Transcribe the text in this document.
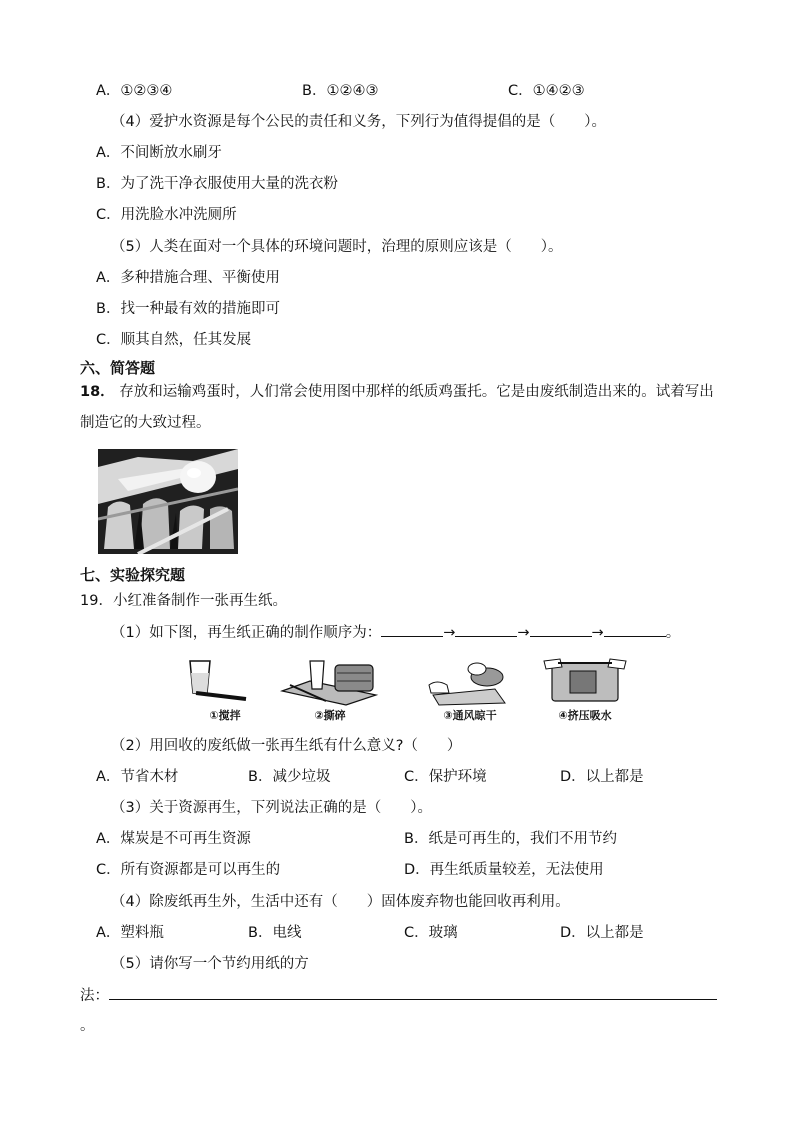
A．①②③④	B．①②④③	C．①④②③
（4）爱护水资源是每个公民的责任和义务，下列行为值得提倡的是（　　）。
A．不间断放水刷牙
B．为了洗干净衣服使用大量的洗衣粉
C．用洗脸水冲洗厕所
（5）人类在面对一个具体的环境问题时，治理的原则应该是（　　）。
A．多种措施合理、平衡使用
B．找一种最有效的措施即可
C．顺其自然，任其发展
六、简答题
18． 存放和运输鸡蛋时，人们常会使用图中那样的纸质鸡蛋托。它是由废纸制造出来的。试着写出
制造它的大致过程。
七、实验探究题
19．小红准备制作一张再生纸。
（1）如下图，再生纸正确的制作顺序为：	→	→	→	。
①搅拌	②撕碎	③通风晾干	④挤压吸水
（2）用回收的废纸做一张再生纸有什么意义?（　　）
A．节省木材	B．减少垃圾	C．保护环境	D．以上都是
（3）关于资源再生，下列说法正确的是（　　）。
A．煤炭是不可再生资源	B．纸是可再生的，我们不用节约
C．所有资源都是可以再生的	D．再生纸质量较差，无法使用
（4）除废纸再生外，生活中还有（　　）固体废弃物也能回收再利用。
A．塑料瓶	B．电线	C．玻璃	D．以上都是
（5）请你写一个节约用纸的方
法：
。
